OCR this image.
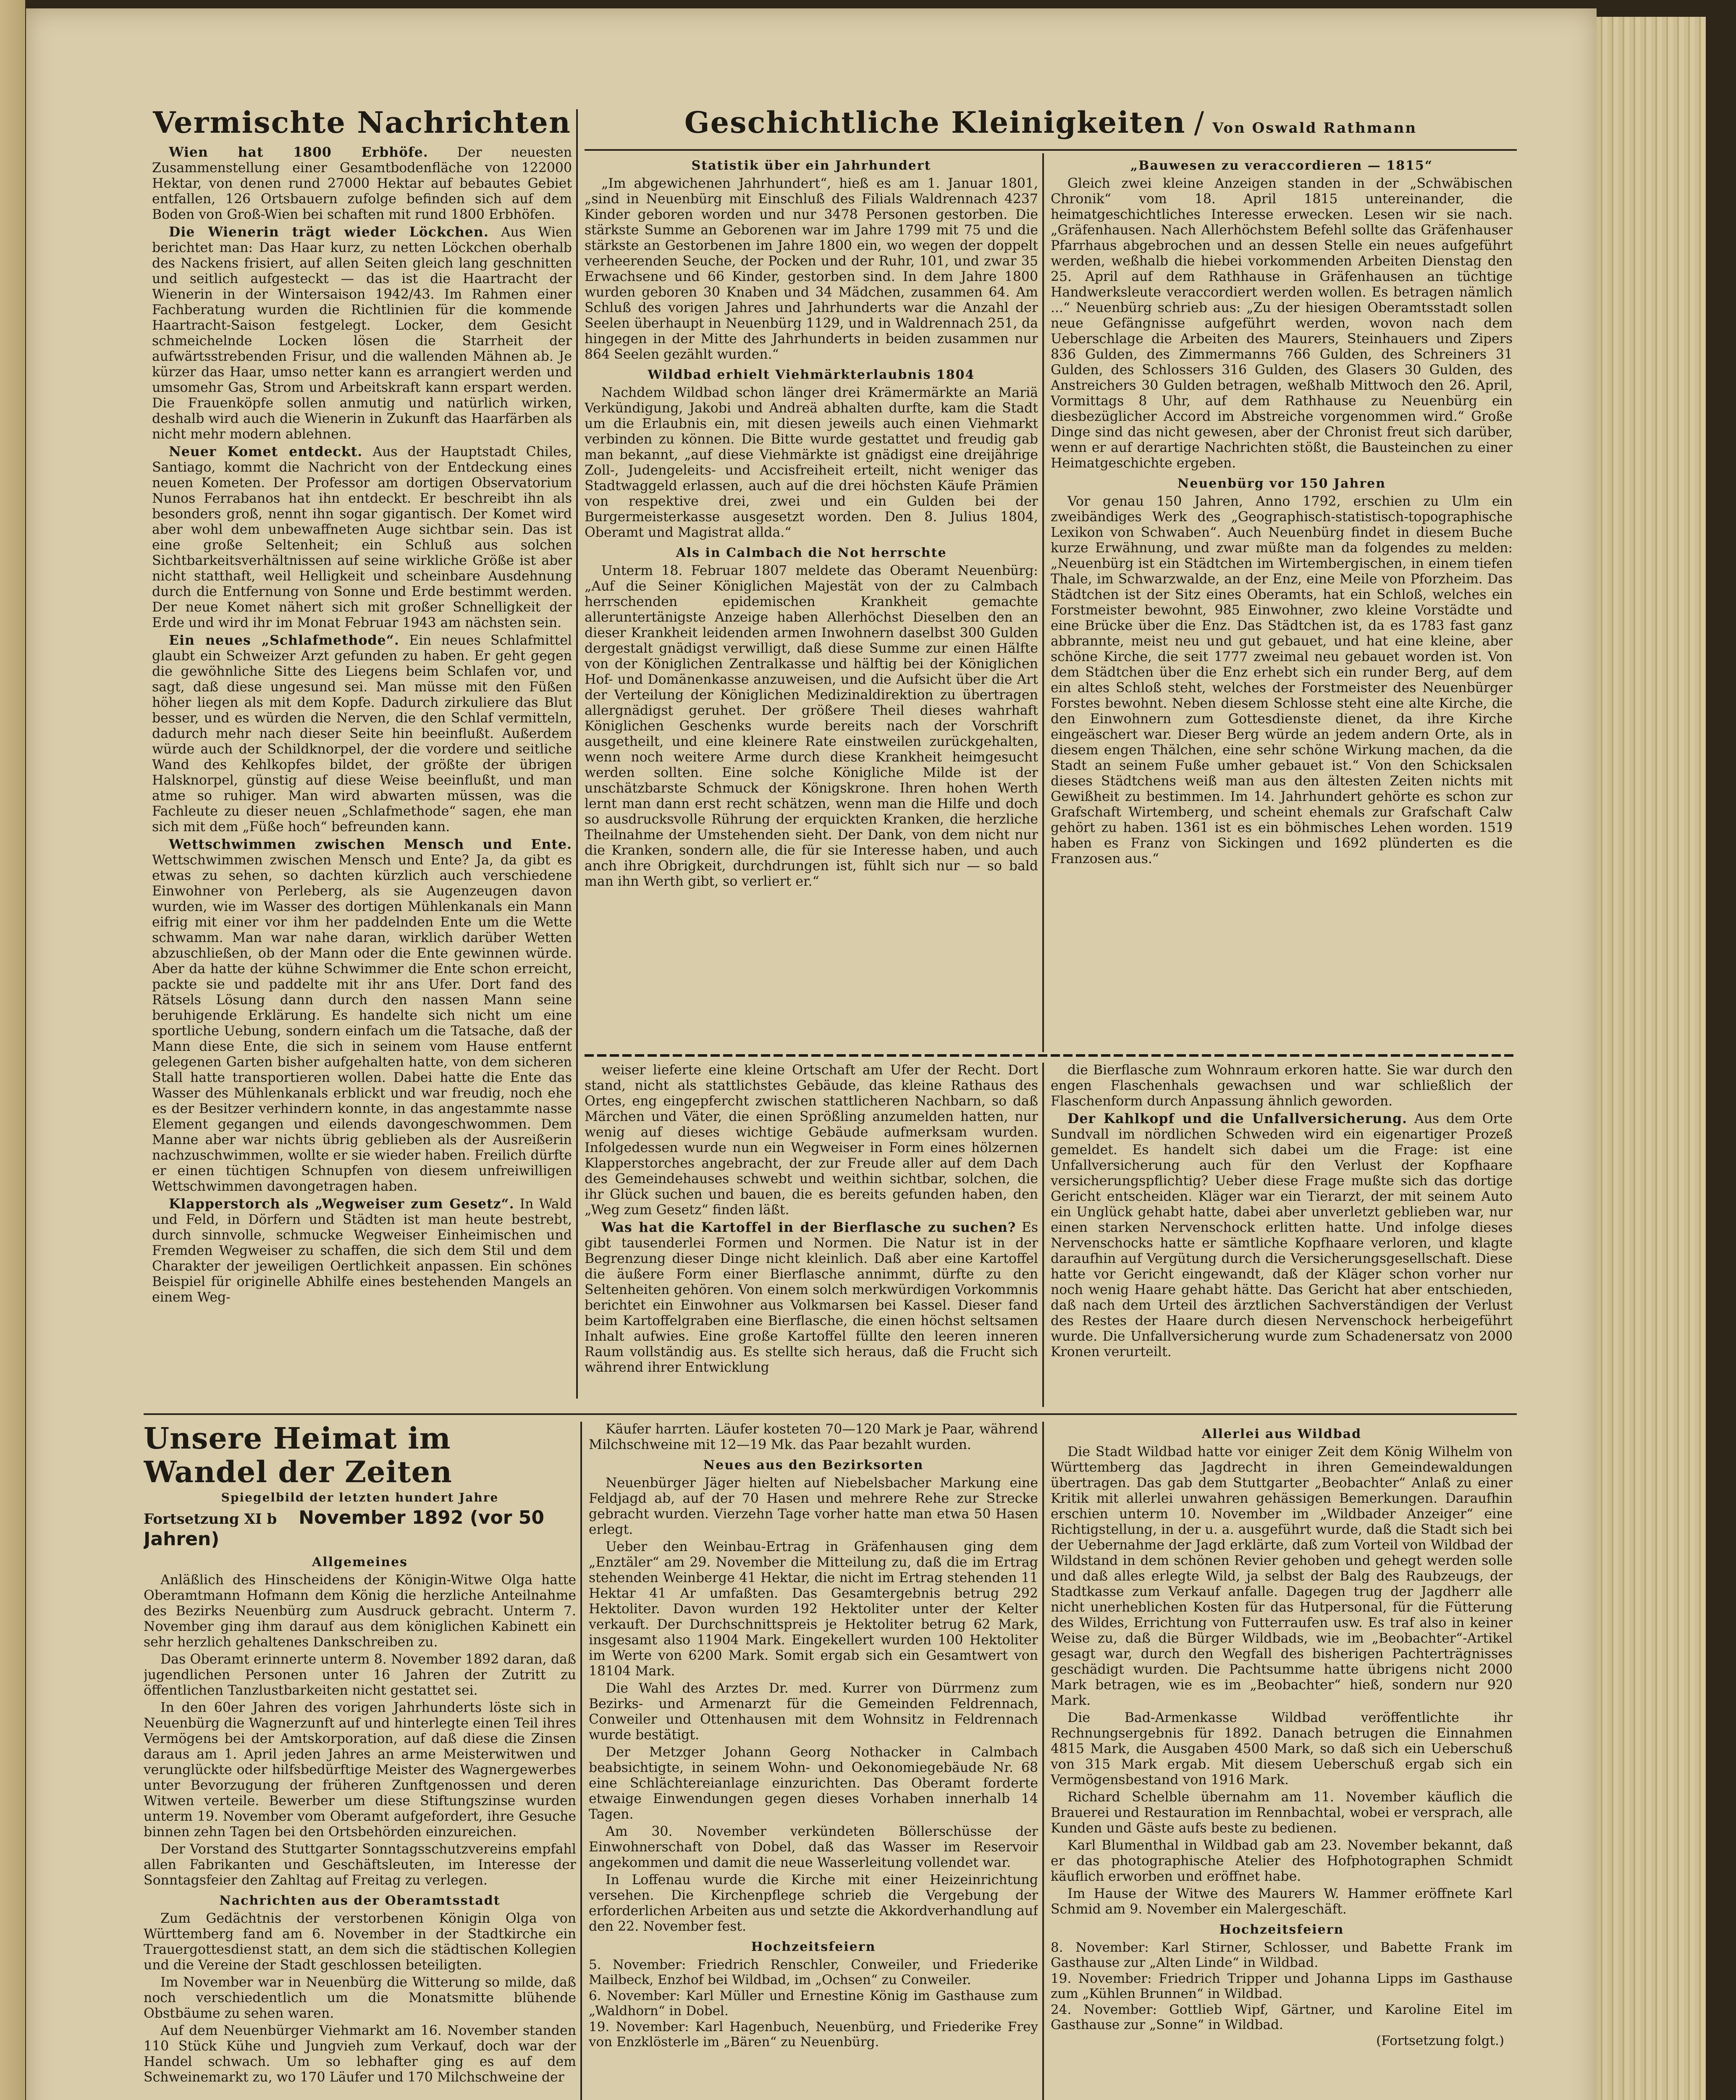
Vermischte Nachrichten

Wien hat 1800 Erbhöfe. Der neuesten Zusammenstellung einer Gesamtbodenfläche von 122000 Hektar, von denen rund 27000 Hektar auf bebautes Gebiet entfallen, 126 Ortsbauern zufolge befinden sich auf dem Boden von Groß-Wien bei schaften mit rund 1800 Erbhöfen.

Die Wienerin trägt wieder Löckchen. Aus Wien berichtet man: Das Haar kurz, zu netten Löckchen oberhalb des Nackens frisiert, auf allen Seiten gleich lang geschnitten und seitlich aufgesteckt — das ist die Haartracht der Wienerin in der Wintersaison 1942/43. Im Rahmen einer Fachberatung wurden die Richtlinien für die kommende Haartracht-Saison festgelegt. Locker, dem Gesicht schmeichelnde Locken lösen die Starrheit der aufwärtsstrebenden Frisur, und die wallenden Mähnen ab. Je kürzer das Haar, umso netter kann es arrangiert werden und umsomehr Gas, Strom und Arbeitskraft kann erspart werden. Die Frauenköpfe sollen anmutig und natürlich wirken, deshalb wird auch die Wienerin in Zukunft das Haarfärben als nicht mehr modern ablehnen.

Neuer Komet entdeckt. Aus der Hauptstadt Chiles, Santiago, kommt die Nachricht von der Entdeckung eines neuen Kometen. Der Professor am dortigen Observatorium Nunos Ferrabanos hat ihn entdeckt. Er beschreibt ihn als besonders groß, nennt ihn sogar gigantisch. Der Komet wird aber wohl dem unbewaffneten Auge sichtbar sein. Das ist eine große Seltenheit; ein Schluß aus solchen Sichtbarkeitsverhältnissen auf seine wirkliche Größe ist aber nicht statthaft, weil Helligkeit und scheinbare Ausdehnung durch die Entfernung von Sonne und Erde bestimmt werden. Der neue Komet nähert sich mit großer Schnelligkeit der Erde und wird ihr im Monat Februar 1943 am nächsten sein.

Ein neues „Schlafmethode“. Ein neues Schlafmittel glaubt ein Schweizer Arzt gefunden zu haben. Er geht gegen die gewöhnliche Sitte des Liegens beim Schlafen vor, und sagt, daß diese ungesund sei. Man müsse mit den Füßen höher liegen als mit dem Kopfe. Dadurch zirkuliere das Blut besser, und es würden die Nerven, die den Schlaf vermitteln, dadurch mehr nach dieser Seite hin beeinflußt. Außerdem würde auch der Schildknorpel, der die vordere und seitliche Wand des Kehlkopfes bildet, der größte der übrigen Halsknorpel, günstig auf diese Weise beeinflußt, und man atme so ruhiger. Man wird abwarten müssen, was die Fachleute zu dieser neuen „Schlafmethode“ sagen, ehe man sich mit dem „Füße hoch“ befreunden kann.

Wettschwimmen zwischen Mensch und Ente. Wettschwimmen zwischen Mensch und Ente? Ja, da gibt es etwas zu sehen, so dachten kürzlich auch verschiedene Einwohner von Perleberg, als sie Augenzeugen davon wurden, wie im Wasser des dortigen Mühlenkanals ein Mann eifrig mit einer vor ihm her paddelnden Ente um die Wette schwamm. Man war nahe daran, wirklich darüber Wetten abzuschließen, ob der Mann oder die Ente gewinnen würde. Aber da hatte der kühne Schwimmer die Ente schon erreicht, packte sie und paddelte mit ihr ans Ufer. Dort fand des Rätsels Lösung dann durch den nassen Mann seine beruhigende Erklärung. Es handelte sich nicht um eine sportliche Uebung, sondern einfach um die Tatsache, daß der Mann diese Ente, die sich in seinem vom Hause entfernt gelegenen Garten bisher aufgehalten hatte, von dem sicheren Stall hatte transportieren wollen. Dabei hatte die Ente das Wasser des Mühlenkanals erblickt und war freudig, noch ehe es der Besitzer verhindern konnte, in das angestammte nasse Element gegangen und eilends davongeschwommen. Dem Manne aber war nichts übrig geblieben als der Ausreißerin nachzuschwimmen, wollte er sie wieder haben. Freilich dürfte er einen tüchtigen Schnupfen von diesem unfreiwilligen Wettschwimmen davongetragen haben.

Klapperstorch als „Wegweiser zum Gesetz“. In Wald und Feld, in Dörfern und Städten ist man heute bestrebt, durch sinnvolle, schmucke Wegweiser Einheimischen und Fremden Wegweiser zu schaffen, die sich dem Stil und dem Charakter der jeweiligen Oertlichkeit anpassen. Ein schönes Beispiel für originelle Abhilfe eines bestehenden Mangels an einem Weg-

Geschichtliche Kleinigkeiten / Von Oswald Rathmann
Statistik über ein Jahrhundert

„Im abgewichenen Jahrhundert“, hieß es am 1. Januar 1801, „sind in Neuenbürg mit Einschluß des Filials Waldrennach 4237 Kinder geboren worden und nur 3478 Personen gestorben. Die stärkste Summe an Geborenen war im Jahre 1799 mit 75 und die stärkste an Gestorbenen im Jahre 1800 ein, wo wegen der doppelt verheerenden Seuche, der Pocken und der Ruhr, 101, und zwar 35 Erwachsene und 66 Kinder, gestorben sind. In dem Jahre 1800 wurden geboren 30 Knaben und 34 Mädchen, zusammen 64. Am Schluß des vorigen Jahres und Jahrhunderts war die Anzahl der Seelen überhaupt in Neuenbürg 1129, und in Waldrennach 251, da hingegen in der Mitte des Jahrhunderts in beiden zusammen nur 864 Seelen gezählt wurden.“

Wildbad erhielt Viehmärkterlaubnis 1804

Nachdem Wildbad schon länger drei Krämermärkte an Mariä Verkündigung, Jakobi und Andreä abhalten durfte, kam die Stadt um die Erlaubnis ein, mit diesen jeweils auch einen Viehmarkt verbinden zu können. Die Bitte wurde gestattet und freudig gab man bekannt, „auf diese Viehmärkte ist gnädigst eine dreijährige Zoll-, Judengeleits- und Accisfreiheit erteilt, nicht weniger das Stadtwaggeld erlassen, auch auf die drei höchsten Käufe Prämien von respektive drei, zwei und ein Gulden bei der Burgermeisterkasse ausgesetzt worden. Den 8. Julius 1804, Oberamt und Magistrat allda.“

Als in Calmbach die Not herrschte

Unterm 18. Februar 1807 meldete das Oberamt Neuenbürg: „Auf die Seiner Königlichen Majestät von der zu Calmbach herrschenden epidemischen Krankheit gemachte alleruntertänigste Anzeige haben Allerhöchst Dieselben den an dieser Krankheit leidenden armen Inwohnern daselbst 300 Gulden dergestalt gnädigst verwilligt, daß diese Summe zur einen Hälfte von der Königlichen Zentralkasse und hälftig bei der Königlichen Hof- und Domänenkasse anzuweisen, und die Aufsicht über die Art der Verteilung der Königlichen Medizinaldirektion zu übertragen allergnädigst geruhet. Der größere Theil dieses wahrhaft Königlichen Geschenks wurde bereits nach der Vorschrift ausgetheilt, und eine kleinere Rate einstweilen zurückgehalten, wenn noch weitere Arme durch diese Krankheit heimgesucht werden sollten. Eine solche Königliche Milde ist der unschätzbarste Schmuck der Königskrone. Ihren hohen Werth lernt man dann erst recht schätzen, wenn man die Hilfe und doch so ausdrucksvolle Rührung der erquickten Kranken, die herzliche Theilnahme der Umstehenden sieht. Der Dank, von dem nicht nur die Kranken, sondern alle, die für sie Interesse haben, und auch anch ihre Obrigkeit, durchdrungen ist, fühlt sich nur — so bald man ihn Werth gibt, so verliert er.“

„Bauwesen zu veraccordieren — 1815“

Gleich zwei kleine Anzeigen standen in der „Schwäbischen Chronik“ vom 18. April 1815 untereinander, die heimatgeschichtliches Interesse erwecken. Lesen wir sie nach. „Gräfenhausen. Nach Allerhöchstem Befehl sollte das Gräfenhauser Pfarrhaus abgebrochen und an dessen Stelle ein neues aufgeführt werden, weßhalb die hiebei vorkommenden Arbeiten Dienstag den 25. April auf dem Rathhause in Gräfenhausen an tüchtige Handwerksleute veraccordiert werden wollen. Es betragen nämlich ...“ Neuenbürg schrieb aus: „Zu der hiesigen Oberamtsstadt sollen neue Gefängnisse aufgeführt werden, wovon nach dem Ueberschlage die Arbeiten des Maurers, Steinhauers und Zipers 836 Gulden, des Zimmermanns 766 Gulden, des Schreiners 31 Gulden, des Schlossers 316 Gulden, des Glasers 30 Gulden, des Anstreichers 30 Gulden betragen, weßhalb Mittwoch den 26. April, Vormittags 8 Uhr, auf dem Rathhause zu Neuenbürg ein diesbezüglicher Accord im Abstreiche vorgenommen wird.“ Große Dinge sind das nicht gewesen, aber der Chronist freut sich darüber, wenn er auf derartige Nachrichten stößt, die Bausteinchen zu einer Heimatgeschichte ergeben.

Neuenbürg vor 150 Jahren

Vor genau 150 Jahren, Anno 1792, erschien zu Ulm ein zweibändiges Werk des „Geographisch-statistisch-topographische Lexikon von Schwaben“. Auch Neuenbürg findet in diesem Buche kurze Erwähnung, und zwar müßte man da folgendes zu melden: „Neuenbürg ist ein Städtchen im Wirtembergischen, in einem tiefen Thale, im Schwarzwalde, an der Enz, eine Meile von Pforzheim. Das Städtchen ist der Sitz eines Oberamts, hat ein Schloß, welches ein Forstmeister bewohnt, 985 Einwohner, zwo kleine Vorstädte und eine Brücke über die Enz. Das Städtchen ist, da es 1783 fast ganz abbrannte, meist neu und gut gebauet, und hat eine kleine, aber schöne Kirche, die seit 1777 zweimal neu gebauet worden ist. Von dem Städtchen über die Enz erhebt sich ein runder Berg, auf dem ein altes Schloß steht, welches der Forstmeister des Neuenbürger Forstes bewohnt. Neben diesem Schlosse steht eine alte Kirche, die den Einwohnern zum Gottesdienste dienet, da ihre Kirche eingeäschert war. Dieser Berg würde an jedem andern Orte, als in diesem engen Thälchen, eine sehr schöne Wirkung machen, da die Stadt an seinem Fuße umher gebauet ist.“ Von den Schicksalen dieses Städtchens weiß man aus den ältesten Zeiten nichts mit Gewißheit zu bestimmen. Im 14. Jahrhundert gehörte es schon zur Grafschaft Wirtemberg, und scheint ehemals zur Grafschaft Calw gehört zu haben. 1361 ist es ein böhmisches Lehen worden. 1519 haben es Franz von Sickingen und 1692 plünderten es die Franzosen aus.“

weiser lieferte eine kleine Ortschaft am Ufer der Recht. Dort stand, nicht als stattlichstes Gebäude, das kleine Rathaus des Ortes, eng eingepfercht zwischen stattlicheren Nachbarn, so daß Märchen und Väter, die einen Sprößling anzumelden hatten, nur wenig auf dieses wichtige Gebäude aufmerksam wurden. Infolgedessen wurde nun ein Wegweiser in Form eines hölzernen Klapperstorches angebracht, der zur Freude aller auf dem Dach des Gemeindehauses schwebt und weithin sichtbar, solchen, die ihr Glück suchen und bauen, die es bereits gefunden haben, den „Weg zum Gesetz“ finden läßt.

Was hat die Kartoffel in der Bierflasche zu suchen? Es gibt tausenderlei Formen und Normen. Die Natur ist in der Begrenzung dieser Dinge nicht kleinlich. Daß aber eine Kartoffel die äußere Form einer Bierflasche annimmt, dürfte zu den Seltenheiten gehören. Von einem solch merkwürdigen Vorkommnis berichtet ein Einwohner aus Volkmarsen bei Kassel. Dieser fand beim Kartoffelgraben eine Bierflasche, die einen höchst seltsamen Inhalt aufwies. Eine große Kartoffel füllte den leeren inneren Raum vollständig aus. Es stellte sich heraus, daß die Frucht sich während ihrer Entwicklung

die Bierflasche zum Wohnraum erkoren hatte. Sie war durch den engen Flaschenhals gewachsen und war schließlich der Flaschenform durch Anpassung ähnlich geworden.

Der Kahlkopf und die Unfallversicherung. Aus dem Orte Sundvall im nördlichen Schweden wird ein eigenartiger Prozeß gemeldet. Es handelt sich dabei um die Frage: ist eine Unfallversicherung auch für den Verlust der Kopfhaare versicherungspflichtig? Ueber diese Frage mußte sich das dortige Gericht entscheiden. Kläger war ein Tierarzt, der mit seinem Auto ein Unglück gehabt hatte, dabei aber unverletzt geblieben war, nur einen starken Nervenschock erlitten hatte. Und infolge dieses Nervenschocks hatte er sämtliche Kopfhaare verloren, und klagte daraufhin auf Vergütung durch die Versicherungsgesellschaft. Diese hatte vor Gericht eingewandt, daß der Kläger schon vorher nur noch wenig Haare gehabt hätte. Das Gericht hat aber entschieden, daß nach dem Urteil des ärztlichen Sachverständigen der Verlust des Restes der Haare durch diesen Nervenschock herbeigeführt wurde. Die Unfallversicherung wurde zum Schadenersatz von 2000 Kronen verurteilt.

Unsere Heimat im Wandel der Zeiten
Spiegelbild der letzten hundert Jahre
Fortsetzung XI b November 1892 (vor 50 Jahren)
Allgemeines

Anläßlich des Hinscheidens der Königin-Witwe Olga hatte Oberamtmann Hofmann dem König die herzliche Anteilnahme des Bezirks Neuenbürg zum Ausdruck gebracht. Unterm 7. November ging ihm darauf aus dem königlichen Kabinett ein sehr herzlich gehaltenes Dankschreiben zu.

Das Oberamt erinnerte unterm 8. November 1892 daran, daß jugendlichen Personen unter 16 Jahren der Zutritt zu öffentlichen Tanzlustbarkeiten nicht gestattet sei.

In den 60er Jahren des vorigen Jahrhunderts löste sich in Neuenbürg die Wagnerzunft auf und hinterlegte einen Teil ihres Vermögens bei der Amtskorporation, auf daß diese die Zinsen daraus am 1. April jeden Jahres an arme Meisterwitwen und verunglückte oder hilfsbedürftige Meister des Wagnergewerbes unter Bevorzugung der früheren Zunftgenossen und deren Witwen verteile. Bewerber um diese Stiftungszinse wurden unterm 19. November vom Oberamt aufgefordert, ihre Gesuche binnen zehn Tagen bei den Ortsbehörden einzureichen.

Der Vorstand des Stuttgarter Sonntagsschutzvereins empfahl allen Fabrikanten und Geschäftsleuten, im Interesse der Sonntagsfeier den Zahltag auf Freitag zu verlegen.

Nachrichten aus der Oberamtsstadt

Zum Gedächtnis der verstorbenen Königin Olga von Württemberg fand am 6. November in der Stadtkirche ein Trauergottesdienst statt, an dem sich die städtischen Kollegien und die Vereine der Stadt geschlossen beteiligten.

Im November war in Neuenbürg die Witterung so milde, daß noch verschiedentlich um die Monatsmitte blühende Obstbäume zu sehen waren.

Auf dem Neuenbürger Viehmarkt am 16. November standen 110 Stück Kühe und Jungvieh zum Verkauf, doch war der Handel schwach. Um so lebhafter ging es auf dem Schweinemarkt zu, wo 170 Läufer und 170 Milchschweine der

Käufer harrten. Läufer kosteten 70—120 Mark je Paar, während Milchschweine mit 12—19 Mk. das Paar bezahlt wurden.

Neues aus den Bezirksorten

Neuenbürger Jäger hielten auf Niebelsbacher Markung eine Feldjagd ab, auf der 70 Hasen und mehrere Rehe zur Strecke gebracht wurden. Vierzehn Tage vorher hatte man etwa 50 Hasen erlegt.

Ueber den Weinbau-Ertrag in Gräfenhausen ging dem „Enztäler“ am 29. November die Mitteilung zu, daß die im Ertrag stehenden Weinberge 41 Hektar, die nicht im Ertrag stehenden 11 Hektar 41 Ar umfaßten. Das Gesamtergebnis betrug 292 Hektoliter. Davon wurden 192 Hektoliter unter der Kelter verkauft. Der Durchschnittspreis je Hektoliter betrug 62 Mark, insgesamt also 11904 Mark. Eingekellert wurden 100 Hektoliter im Werte von 6200 Mark. Somit ergab sich ein Gesamtwert von 18104 Mark.

Die Wahl des Arztes Dr. med. Kurrer von Dürrmenz zum Bezirks- und Armenarzt für die Gemeinden Feldrennach, Conweiler und Ottenhausen mit dem Wohnsitz in Feldrennach wurde bestätigt.

Der Metzger Johann Georg Nothacker in Calmbach beabsichtigte, in seinem Wohn- und Oekonomiegebäude Nr. 68 eine Schlächtereianlage einzurichten. Das Oberamt forderte etwaige Einwendungen gegen dieses Vorhaben innerhalb 14 Tagen.

Am 30. November verkündeten Böllerschüsse der Einwohnerschaft von Dobel, daß das Wasser im Reservoir angekommen und damit die neue Wasserleitung vollendet war.

In Loffenau wurde die Kirche mit einer Heizeinrichtung versehen. Die Kirchenpflege schrieb die Vergebung der erforderlichen Arbeiten aus und setzte die Akkordverhandlung auf den 22. November fest.

Hochzeitsfeiern

5. November: Friedrich Renschler, Conweiler, und Friederike Mailbeck, Enzhof bei Wildbad, im „Ochsen“ zu Conweiler.

6. November: Karl Müller und Ernestine König im Gasthause zum „Waldhorn“ in Dobel.

19. November: Karl Hagenbuch, Neuenbürg, und Friederike Frey von Enzklösterle im „Bären“ zu Neuenbürg.

Allerlei aus Wildbad

Die Stadt Wildbad hatte vor einiger Zeit dem König Wilhelm von Württemberg das Jagdrecht in ihren Gemeindewaldungen übertragen. Das gab dem Stuttgarter „Beobachter“ Anlaß zu einer Kritik mit allerlei unwahren gehässigen Bemerkungen. Daraufhin erschien unterm 10. November im „Wildbader Anzeiger“ eine Richtigstellung, in der u. a. ausgeführt wurde, daß die Stadt sich bei der Uebernahme der Jagd erklärte, daß zum Vorteil von Wildbad der Wildstand in dem schönen Revier gehoben und gehegt werden solle und daß alles erlegte Wild, ja selbst der Balg des Raubzeugs, der Stadtkasse zum Verkauf anfalle. Dagegen trug der Jagdherr alle nicht unerheblichen Kosten für das Hutpersonal, für die Fütterung des Wildes, Errichtung von Futterraufen usw. Es traf also in keiner Weise zu, daß die Bürger Wildbads, wie im „Beobachter“-Artikel gesagt war, durch den Wegfall des bisherigen Pachterträgnisses geschädigt wurden. Die Pachtsumme hatte übrigens nicht 2000 Mark betragen, wie es im „Beobachter“ hieß, sondern nur 920 Mark.

Die Bad-Armenkasse Wildbad veröffentlichte ihr Rechnungsergebnis für 1892. Danach betrugen die Einnahmen 4815 Mark, die Ausgaben 4500 Mark, so daß sich ein Ueberschuß von 315 Mark ergab. Mit diesem Ueberschuß ergab sich ein Vermögensbestand von 1916 Mark.

Richard Schelble übernahm am 11. November käuflich die Brauerei und Restauration im Rennbachtal, wobei er versprach, alle Kunden und Gäste aufs beste zu bedienen.

Karl Blumenthal in Wildbad gab am 23. November bekannt, daß er das photographische Atelier des Hofphotographen Schmidt käuflich erworben und eröffnet habe.

Im Hause der Witwe des Maurers W. Hammer eröffnete Karl Schmid am 9. November ein Malergeschäft.

Hochzeitsfeiern

8. November: Karl Stirner, Schlosser, und Babette Frank im Gasthause zur „Alten Linde“ in Wildbad.

19. November: Friedrich Tripper und Johanna Lipps im Gasthause zum „Kühlen Brunnen“ in Wildbad.

24. November: Gottlieb Wipf, Gärtner, und Karoline Eitel im Gasthause zur „Sonne“ in Wildbad.

(Fortsetzung folgt.)
